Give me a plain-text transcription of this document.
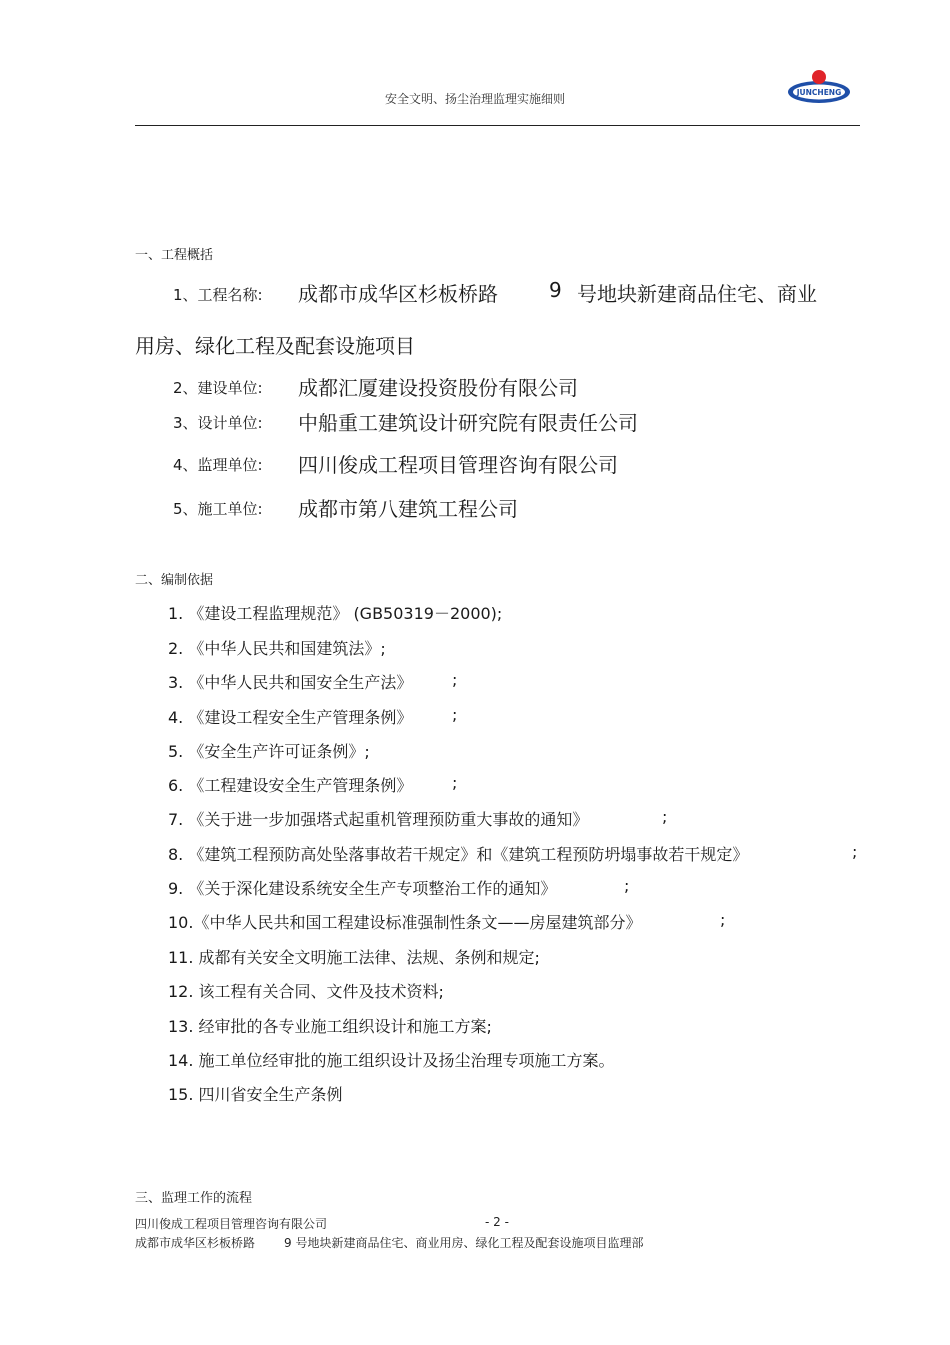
安全文明、扬尘治理监理实施细则	JUNCHENG
一、工程概括
1、工程名称: 成都市成华区杉板桥路	9 号地块新建商品住宅、商业
用房、绿化工程及配套设施项目
2、建设单位: 成都汇厦建设投资股份有限公司
3、设计单位: 中船重工建筑设计研究院有限责任公司
4、监理单位: 四川俊成工程项目管理咨询有限公司
5、施工单位: 成都市第八建筑工程公司
二、编制依据
1. 《建设工程监理规范》 (GB50319－2000);
2. 《中华人民共和国建筑法》;
3. 《中华人民共和国安全生产法》 ;
4. 《建设工程安全生产管理条例》 ;
5. 《安全生产许可证条例》;
6. 《工程建设安全生产管理条例》 ;
7. 《关于进一步加强塔式起重机管理预防重大事故的通知》	;
8. 《建筑工程预防高处坠落事故若干规定》和《建筑工程预防坍塌事故若干规定》	;
9. 《关于深化建设系统安全生产专项整治工作的通知》	;
10.《中华人民共和国工程建设标准强制性条文——房屋建筑部分》	;
11. 成都有关安全文明施工法律、法规、条例和规定;
12. 该工程有关合同、文件及技术资料;
13. 经审批的各专业施工组织设计和施工方案;
14. 施工单位经审批的施工组织设计及扬尘治理专项施工方案。
15. 四川省安全生产条例
三、监理工作的流程
四川俊成工程项目管理咨询有限公司	- 2 -
成都市成华区杉板桥路 9 号地块新建商品住宅、商业用房、绿化工程及配套设施项目监理部
